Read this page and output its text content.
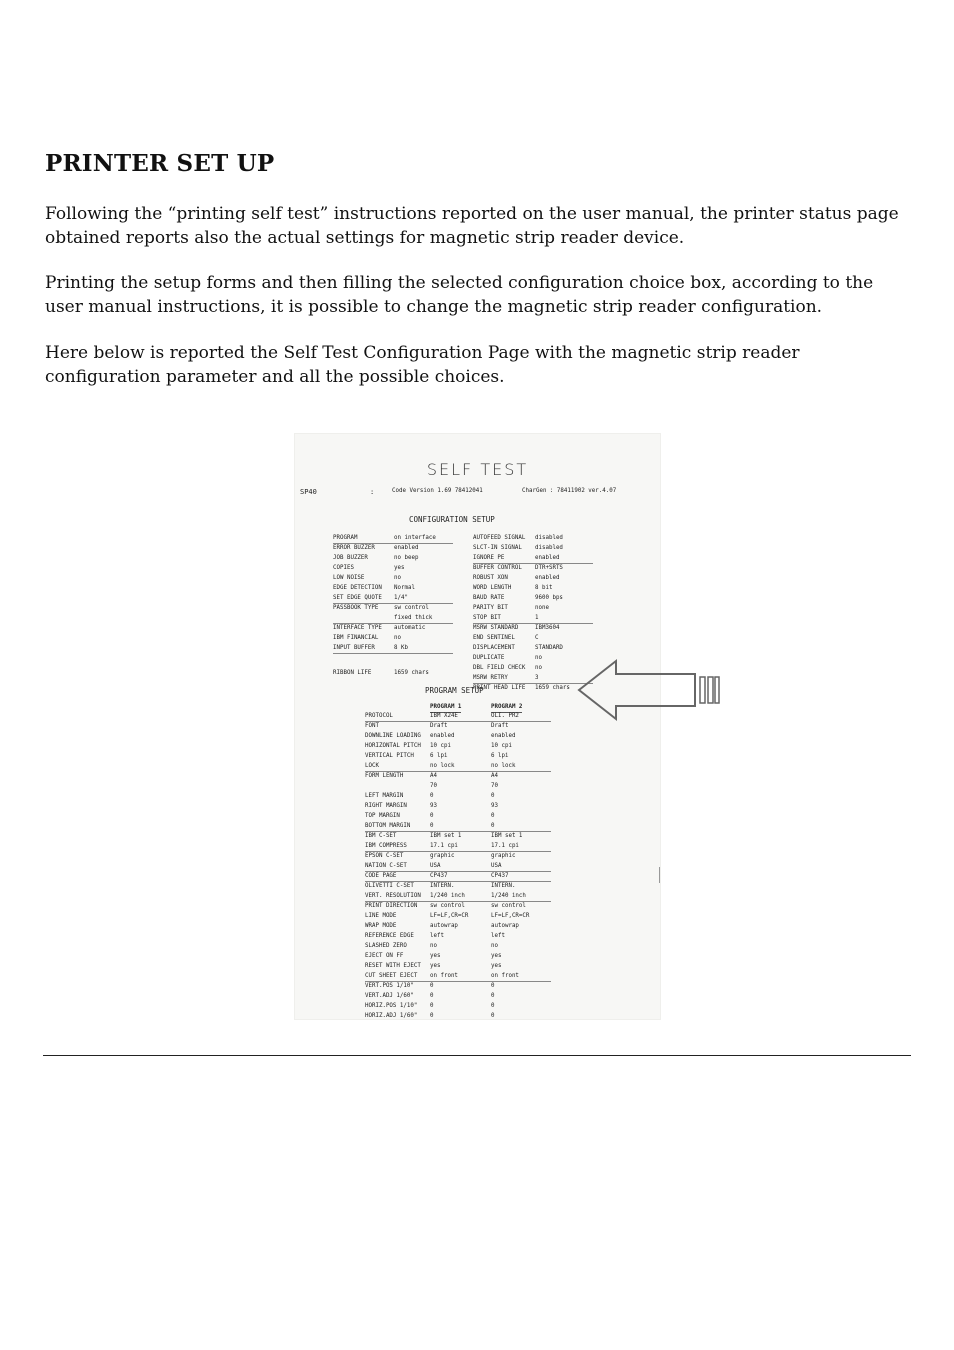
PRINTER SET UP

Following the “printing self test” instructions reported on the user manual, the printer status page obtained reports also the actual settings for magnetic strip reader device.

Printing the setup forms and then filling the selected configuration choice box, according to the user manual instructions, it is possible to change the magnetic strip reader configuration.

Here below is reported the Self Test Configuration Page with the magnetic strip reader configuration parameter and all the possible choices.

SELF TEST
SP40	:	Code Version 1.69 78412041	CharGen : 78411902 ver.4.07
CONFIGURATION SETUP
PROGRAM	on interface
ERROR BUZZER	enabled
JOB BUZZER	no beep
COPIES	yes
LOW NOISE	no
EDGE DETECTION Normal
SET EDGE QUOTE 1/4"
PASSBOOK TYPE	sw control
fixed thick
INTERFACE TYPE automatic
IBM FINANCIAL	no
INPUT BUFFER	8 Kb
AUTOFEED SIGNAL disabled
SLCT-IN SIGNAL disabled
IGNORE PE	enabled
BUFFER CONTROL DTR+SRTS
ROBUST XON	enabled
WORD LENGTH	8 bit
BAUD RATE	9600 bps
PARITY BIT	none
STOP BIT	1
MSRW STANDARD	IBM3604
END SENTINEL	C
DISPLACEMENT	STANDARD
DUPLICATE	no
DBL FIELD CHECK no
MSRW RETRY	3
PRINT HEAD LIFE 1659 chars
RIBBON LIFE	1659 chars
PROGRAM SETUP
PROGRAM 1	PROGRAM 2
PROTOCOL	IBM X24E	OLI. PR2
FONT	Draft	Draft
DOWNLINE LOADING enabled	enabled
HORIZONTAL PITCH 10 cpi	10 cpi
VERTICAL PITCH	6 lpi	6 lpi
LOCK	no lock	no lock
FORM LENGTH	A4	A4
70	70
LEFT MARGIN	0	0
RIGHT MARGIN	93	93
TOP MARGIN	0	0
BOTTOM MARGIN	0	0
IBM C-SET	IBM set 1	IBM set 1
IBM COMPRESS	17.1 cpi	17.1 cpi
EPSON C-SET	graphic	graphic
NATION C-SET	USA	USA
CODE PAGE	CP437	CP437
OLIVETTI C-SET	INTERN.	INTERN.
VERT. RESOLUTION 1/240 inch	1/240 inch
PRINT DIRECTION sw control	sw control
LINE MODE	LF=LF,CR=CR	LF=LF,CR=CR
WRAP MODE	autowrap	autowrap
REFERENCE EDGE	left	left
SLASHED ZERO	no	no
EJECT ON FF	yes	yes
RESET WITH EJECT yes	yes
CUT SHEET EJECT on front	on front
VERT.POS 1/10"	0	0
VERT.ADJ 1/60"	0	0
HORIZ.POS 1/10" 0	0
HORIZ.ADJ 1/60" 0	0
